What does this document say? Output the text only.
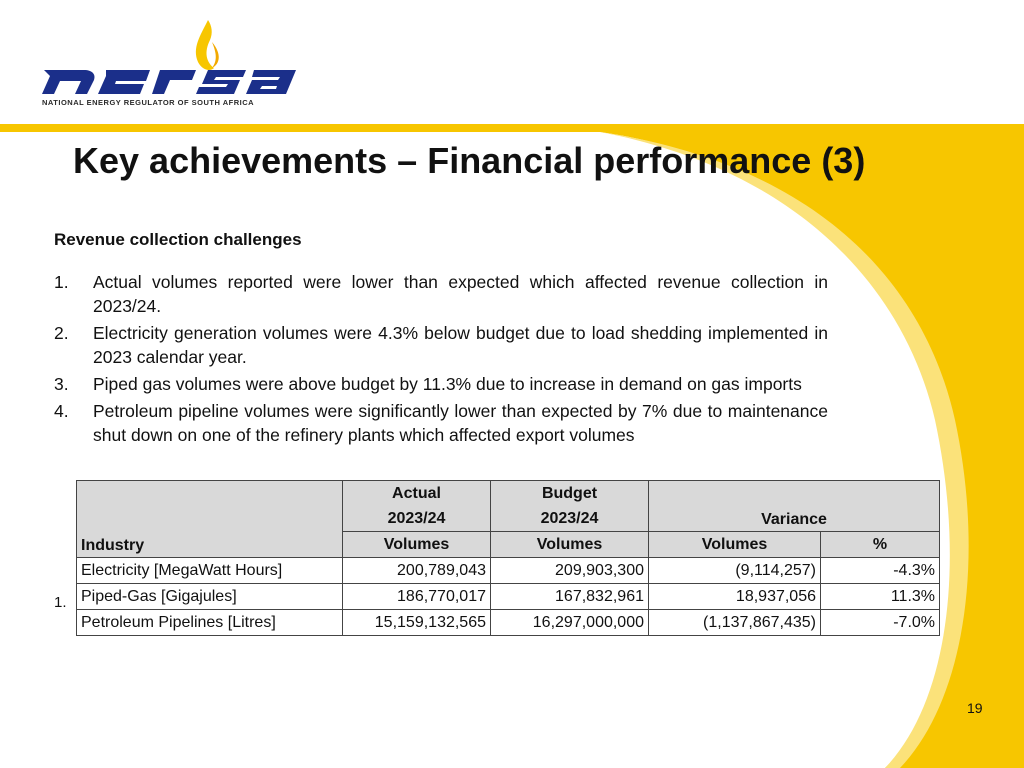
NATIONAL ENERGY REGULATOR OF SOUTH AFRICA
Key achievements – Financial performance (3)
Revenue collection challenges
1. Actual volumes reported were lower than expected which affected revenue collection in 2023/24.
2. Electricity generation volumes were 4.3% below budget due to load shedding implemented in 2023 calendar year.
3. Piped gas volumes were above budget by 11.3% due to increase in demand on gas imports
4. Petroleum pipeline volumes were significantly lower than expected by 7% due to maintenance shut down on one of the refinery plants which affected export volumes
1.
Industry	Actual	Budget	Variance	
	2023/24	2023/24		
	Volumes	Volumes	Volumes	%
Electricity [MegaWatt Hours]	200,789,043	209,903,300	(9,114,257)	-4.3%
Piped-Gas [Gigajules]	186,770,017	167,832,961	18,937,056	11.3%
Petroleum Pipelines [Litres]	15,159,132,565	16,297,000,000	(1,137,867,435)	-7.0%
19
